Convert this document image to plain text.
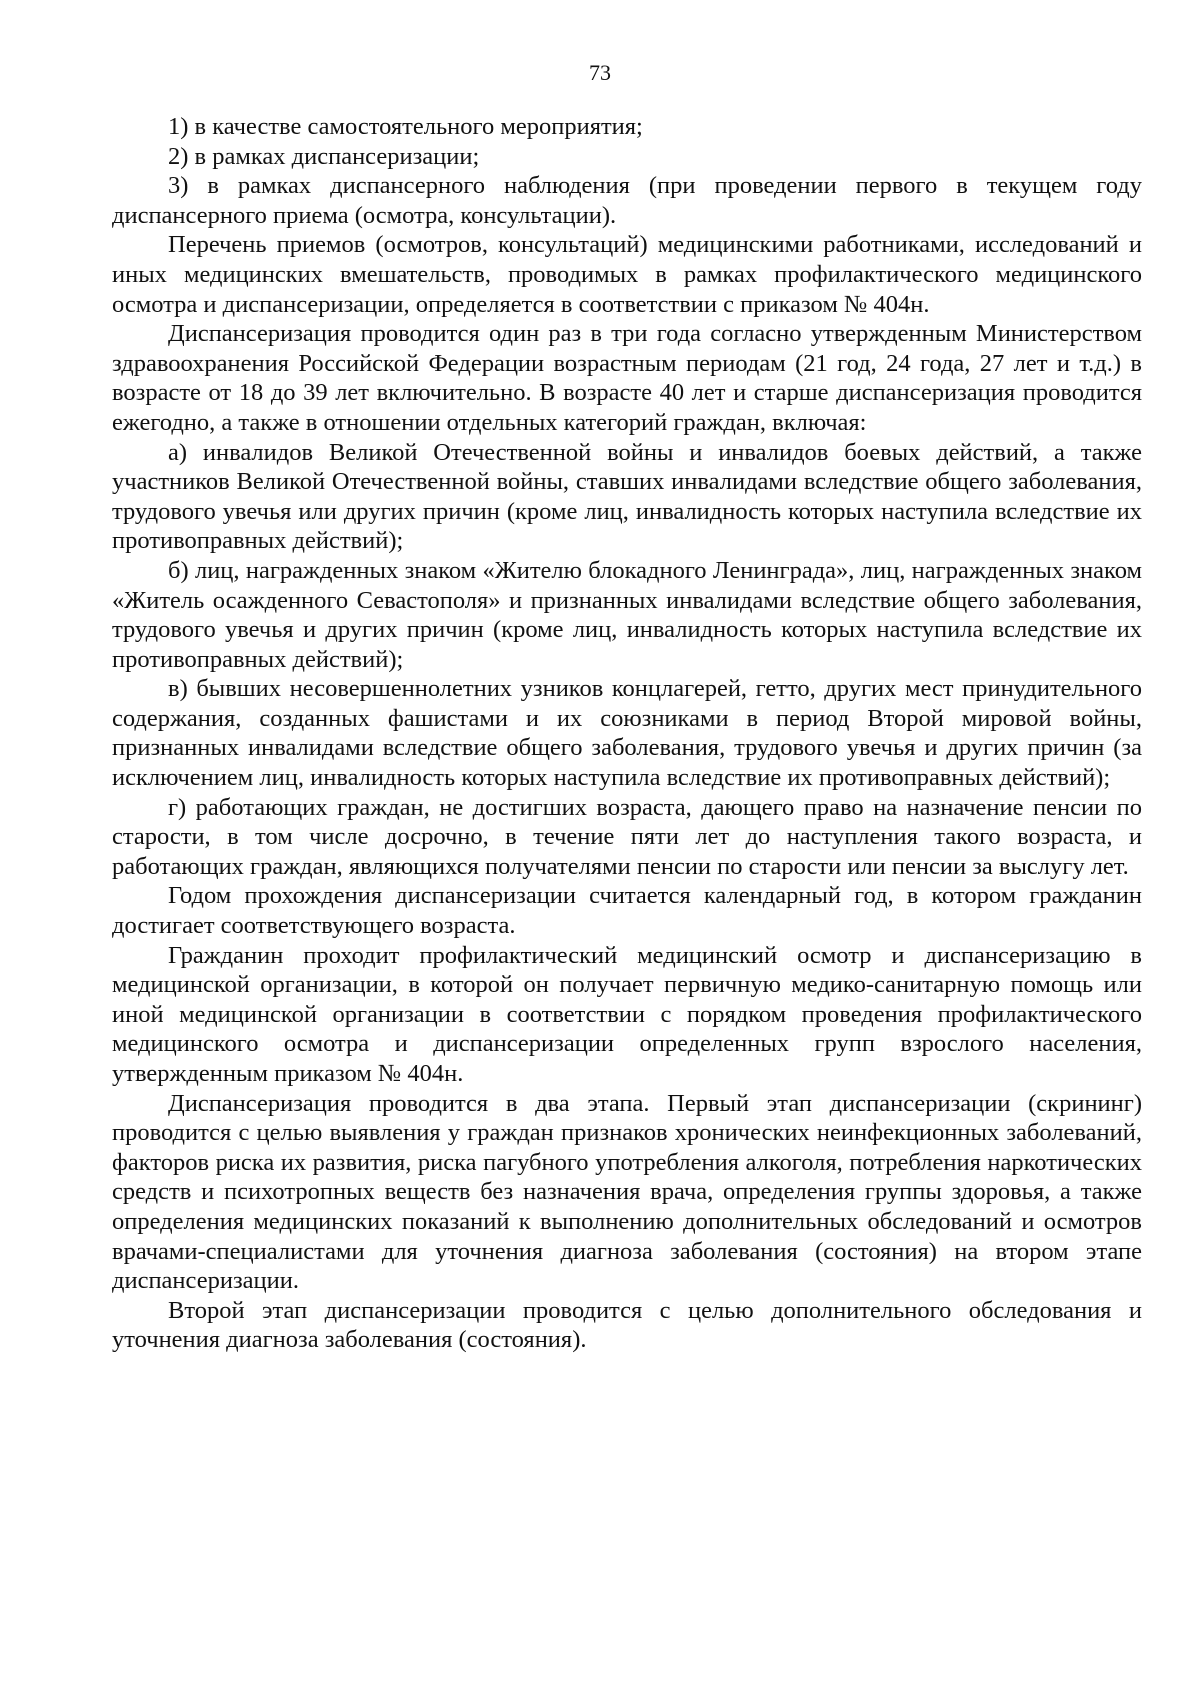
73

1) в качестве самостоятельного мероприятия;

2) в рамках диспансеризации;

3) в рамках диспансерного наблюдения (при проведении первого в текущем году диспансерного приема (осмотра, консультации).

Перечень приемов (осмотров, консультаций) медицинскими работниками, исследований и иных медицинских вмешательств, проводимых в рамках профилактического медицинского осмотра и диспансеризации, определяется в соответствии с приказом № 404н.

Диспансеризация проводится один раз в три года согласно утвержденным Министерством здравоохранения Российской Федерации возрастным периодам (21 год, 24 года, 27 лет и т.д.) в возрасте от 18 до 39 лет включительно. В возрасте 40 лет и старше диспансеризация проводится ежегодно, а также в отношении отдельных категорий граждан, включая:

а) инвалидов Великой Отечественной войны и инвалидов боевых действий, а также участников Великой Отечественной войны, ставших инвалидами вследствие общего заболевания, трудового увечья или других причин (кроме лиц, инвалидность которых наступила вследствие их противоправных действий);

б) лиц, награжденных знаком «Жителю блокадного Ленинграда», лиц, награжденных знаком «Житель осажденного Севастополя» и признанных инвалидами вследствие общего заболевания, трудового увечья и других причин (кроме лиц, инвалидность которых наступила вследствие их противоправных действий);

в) бывших несовершеннолетних узников концлагерей, гетто, других мест принудительного содержания, созданных фашистами и их союзниками в период Второй мировой войны, признанных инвалидами вследствие общего заболевания, трудового увечья и других причин (за исключением лиц, инвалидность которых наступила вследствие их противоправных действий);

г) работающих граждан, не достигших возраста, дающего право на назначение пенсии по старости, в том числе досрочно, в течение пяти лет до наступления такого возраста, и работающих граждан, являющихся получателями пенсии по старости или пенсии за выслугу лет.

Годом прохождения диспансеризации считается календарный год, в котором гражданин достигает соответствующего возраста.

Гражданин проходит профилактический медицинский осмотр и диспансеризацию в медицинской организации, в которой он получает первичную медико-санитарную помощь или иной медицинской организации в соответствии с порядком проведения профилактического медицинского осмотра и диспансеризации определенных групп взрослого населения, утвержденным приказом № 404н.

Диспансеризация проводится в два этапа. Первый этап диспансеризации (скрининг) проводится с целью выявления у граждан признаков хронических неинфекционных заболеваний, факторов риска их развития, риска пагубного употребления алкоголя, потребления наркотических средств и психотропных веществ без назначения врача, определения группы здоровья, а также определения медицинских показаний к выполнению дополнительных обследований и осмотров врачами-специалистами для уточнения диагноза заболевания (состояния) на втором этапе диспансеризации.

Второй этап диспансеризации проводится с целью дополнительного обследования и уточнения диагноза заболевания (состояния).
